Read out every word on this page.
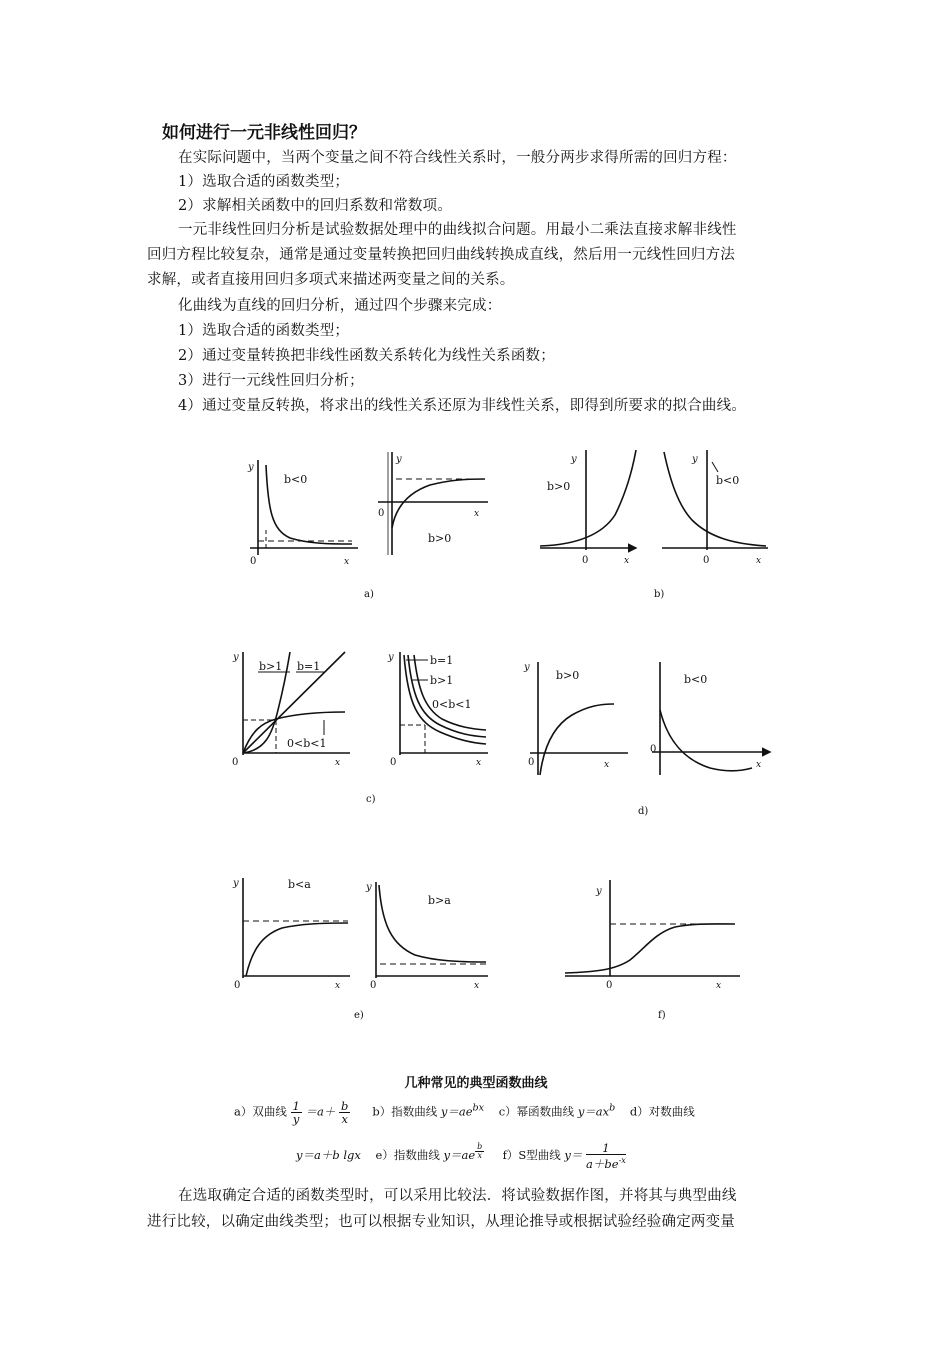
如何进行一元非线性回归？
在实际问题中，当两个变量之间不符合线性关系时，一般分两步求得所需的回归方程：
1）选取合适的函数类型；
2）求解相关函数中的回归系数和常数项。
一元非线性回归分析是试验数据处理中的曲线拟合问题。用最小二乘法直接求解非线性
回归方程比较复杂，通常是通过变量转换把回归曲线转换成直线，然后用一元线性回归方法
求解，或者直接用回归多项式来描述两变量之间的关系。
化曲线为直线的回归分析，通过四个步骤来完成：
1）选取合适的函数类型；
2）通过变量转换把非线性函数关系转化为线性关系函数；
3）进行一元线性回归分析；
4）通过变量反转换，将求出的线性关系还原为非线性关系，即得到所要求的拟合曲线。
y
0	x
b<0
y
0	x
b>0
y
0	x
b>0
y
0	x
b<0
a)	b)
y
0	x
b>1 b=1
0<b<1
y
0	x
b=1
b>1
0<b<1
y
0	x
b>0
0
x
b<0
c)
d)
y
0	x
b<a	y
0	x
b>a
y
0	x
e)	f)
几种常见的典型函数曲线
a）双曲线 $\frac{1}{y} =a+ \frac{b}{x} b$）指数曲线 $y=ae^{bx}$ c）幂函数曲线 $y=ax^b$ d）对数曲线
y＝a＋b lgx e）指数曲线 y＝ae $^{\frac{b}{x}}$ f）S型曲线 $y= \frac{1}{a+be^{-x}}$
在选取确定合适的函数类型时，可以采用比较法．将试验数据作图，并将其与典型曲线
进行比较，以确定曲线类型；也可以根据专业知识，从理论推导或根据试验经验确定两变量
